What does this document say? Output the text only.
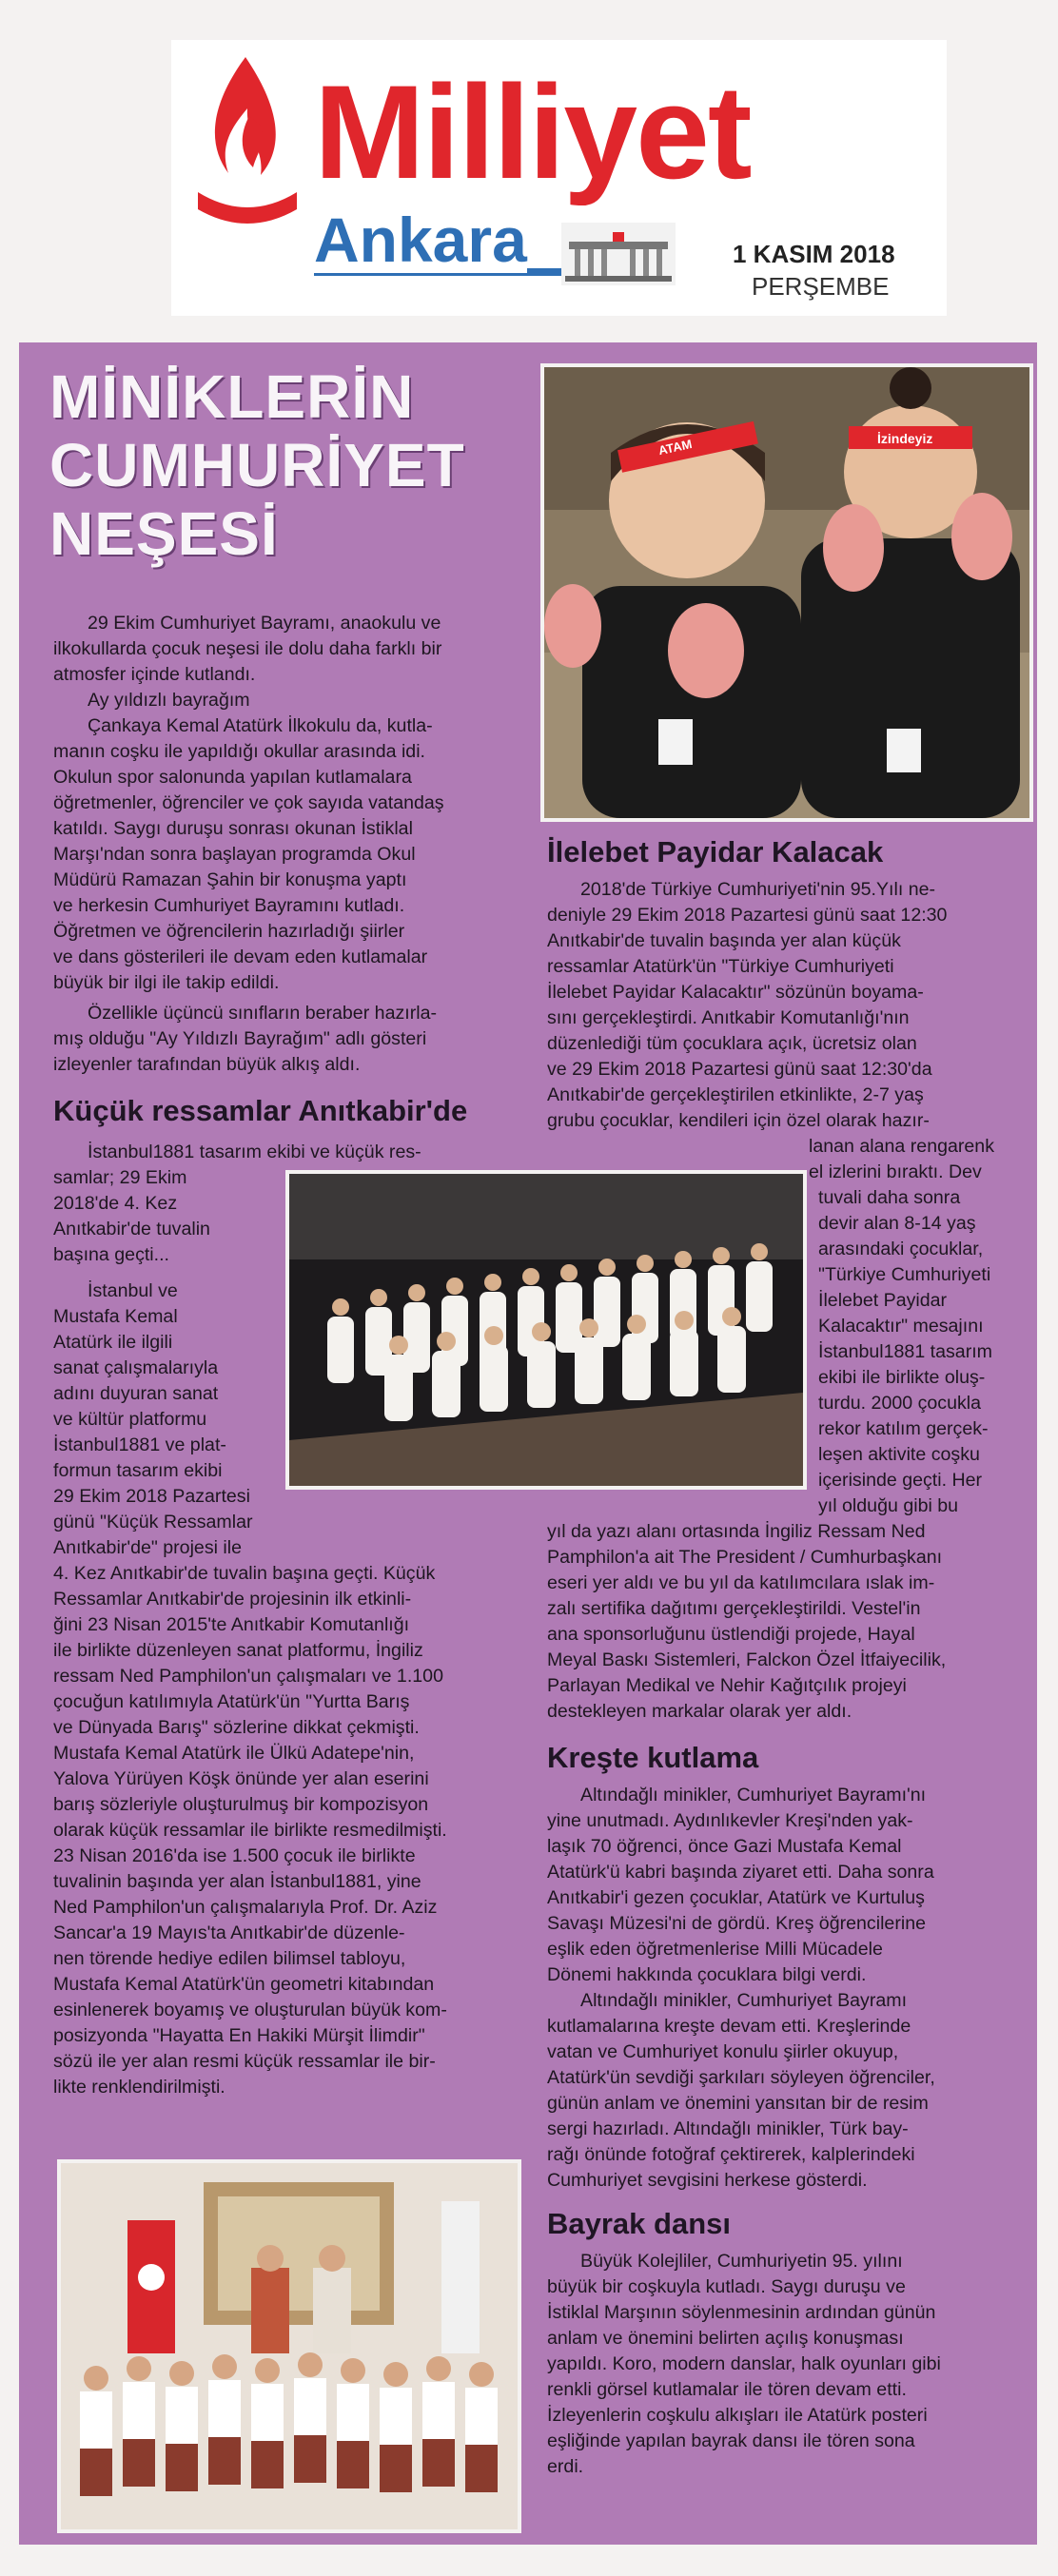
Milliyet
Ankara	1 KASIM 2018
PERŞEMBE
MİNİKLERİN
CUMHURİYET
NEŞESİ
ATAM	İzindeyiz
29 Ekim Cumhuriyet Bayramı, anaokulu ve
ilkokullarda çocuk neşesi ile dolu daha farklı bir
atmosfer içinde kutlandı.
Ay yıldızlı bayrağım
Çankaya Kemal Atatürk İlkokulu da, kutla-
manın coşku ile yapıldığı okullar arasında idi.
Okulun spor salonunda yapılan kutlamalara
öğretmenler, öğrenciler ve çok sayıda vatandaş
katıldı. Saygı duruşu sonrası okunan İstiklal
Marşı'ndan sonra başlayan programda Okul
Müdürü Ramazan Şahin bir konuşma yaptı
ve herkesin Cumhuriyet Bayramını kutladı.
Öğretmen ve öğrencilerin hazırladığı şiirler
ve dans gösterileri ile devam eden kutlamalar
büyük bir ilgi ile takip edildi.
Özellikle üçüncü sınıfların beraber hazırla-
mış olduğu "Ay Yıldızlı Bayrağım" adlı gösteri
izleyenler tarafından büyük alkış aldı.
Küçük ressamlar Anıtkabir'de
İstanbul1881 tasarım ekibi ve küçük res-
samlar; 29 Ekim
2018'de 4. Kez
Anıtkabir'de tuvalin
başına geçti...
İstanbul ve
Mustafa Kemal
Atatürk ile ilgili
sanat çalışmalarıyla
adını duyuran sanat
ve kültür platformu
İstanbul1881 ve plat-
formun tasarım ekibi
29 Ekim 2018 Pazartesi
günü "Küçük Ressamlar
Anıtkabir'de" projesi ile
4. Kez Anıtkabir'de tuvalin başına geçti. Küçük
Ressamlar Anıtkabir'de projesinin ilk etkinli-
ğini 23 Nisan 2015'te Anıtkabir Komutanlığı
ile birlikte düzenleyen sanat platformu, İngiliz
ressam Ned Pamphilon'un çalışmaları ve 1.100
çocuğun katılımıyla Atatürk'ün "Yurtta Barış
ve Dünyada Barış" sözlerine dikkat çekmişti.
Mustafa Kemal Atatürk ile Ülkü Adatepe'nin,
Yalova Yürüyen Köşk önünde yer alan eserini
barış sözleriyle oluşturulmuş bir kompozisyon
olarak küçük ressamlar ile birlikte resmedilmişti.
23 Nisan 2016'da ise 1.500 çocuk ile birlikte
tuvalinin başında yer alan İstanbul1881, yine
Ned Pamphilon'un çalışmalarıyla Prof. Dr. Aziz
Sancar'a 19 Mayıs'ta Anıtkabir'de düzenle-
nen törende hediye edilen bilimsel tabloyu,
Mustafa Kemal Atatürk'ün geometri kitabından
esinlenerek boyamış ve oluşturulan büyük kom-
posizyonda "Hayatta En Hakiki Mürşit İlimdir"
sözü ile yer alan resmi küçük ressamlar ile bir-
likte renklendirilmişti.
İlelebet Payidar Kalacak
2018'de Türkiye Cumhuriyeti'nin 95.Yılı ne-
deniyle 29 Ekim 2018 Pazartesi günü saat 12:30
Anıtkabir'de tuvalin başında yer alan küçük
ressamlar Atatürk'ün "Türkiye Cumhuriyeti
İlelebet Payidar Kalacaktır" sözünün boyama-
sını gerçekleştirdi. Anıtkabir Komutanlığı'nın
düzenlediği tüm çocuklara açık, ücretsiz olan
ve 29 Ekim 2018 Pazartesi günü saat 12:30'da
Anıtkabir'de gerçekleştirilen etkinlikte, 2-7 yaş
grubu çocuklar, kendileri için özel olarak hazır-
lanan alana rengarenk
el izlerini bıraktı. Dev
tuvali daha sonra
devir alan 8-14 yaş
arasındaki çocuklar,
"Türkiye Cumhuriyeti
İlelebet Payidar
Kalacaktır" mesajını
İstanbul1881 tasarım
ekibi ile birlikte oluş-
turdu. 2000 çocukla
rekor katılım gerçek-
leşen aktivite coşku
içerisinde geçti. Her
yıl olduğu gibi bu
yıl da yazı alanı ortasında İngiliz Ressam Ned
Pamphilon'a ait The President / Cumhurbaşkanı
eseri yer aldı ve bu yıl da katılımcılara ıslak im-
zalı sertifika dağıtımı gerçekleştirildi. Vestel'in
ana sponsorluğunu üstlendiği projede, Hayal
Meyal Baskı Sistemleri, Falckon Özel İtfaiyecilik,
Parlayan Medikal ve Nehir Kağıtçılık projeyi
destekleyen markalar olarak yer aldı.
Kreşte kutlama
Altındağlı minikler, Cumhuriyet Bayramı'nı
yine unutmadı. Aydınlıkevler Kreşi'nden yak-
laşık 70 öğrenci, önce Gazi Mustafa Kemal
Atatürk'ü kabri başında ziyaret etti. Daha sonra
Anıtkabir'i gezen çocuklar, Atatürk ve Kurtuluş
Savaşı Müzesi'ni de gördü. Kreş öğrencilerine
eşlik eden öğretmenlerise Milli Mücadele
Dönemi hakkında çocuklara bilgi verdi.
Altındağlı minikler, Cumhuriyet Bayramı
kutlamalarına kreşte devam etti. Kreşlerinde
vatan ve Cumhuriyet konulu şiirler okuyup,
Atatürk'ün sevdiği şarkıları söyleyen öğrenciler,
günün anlam ve önemini yansıtan bir de resim
sergi hazırladı. Altındağlı minikler, Türk bay-
rağı önünde fotoğraf çektirerek, kalplerindeki
Cumhuriyet sevgisini herkese gösterdi.
Bayrak dansı
Büyük Kolejliler, Cumhuriyetin 95. yılını
büyük bir coşkuyla kutladı. Saygı duruşu ve
İstiklal Marşının söylenmesinin ardından günün
anlam ve önemini belirten açılış konuşması
yapıldı. Koro, modern danslar, halk oyunları gibi
renkli görsel kutlamalar ile tören devam etti.
İzleyenlerin coşkulu alkışları ile Atatürk posteri
eşliğinde yapılan bayrak dansı ile tören sona
erdi.
